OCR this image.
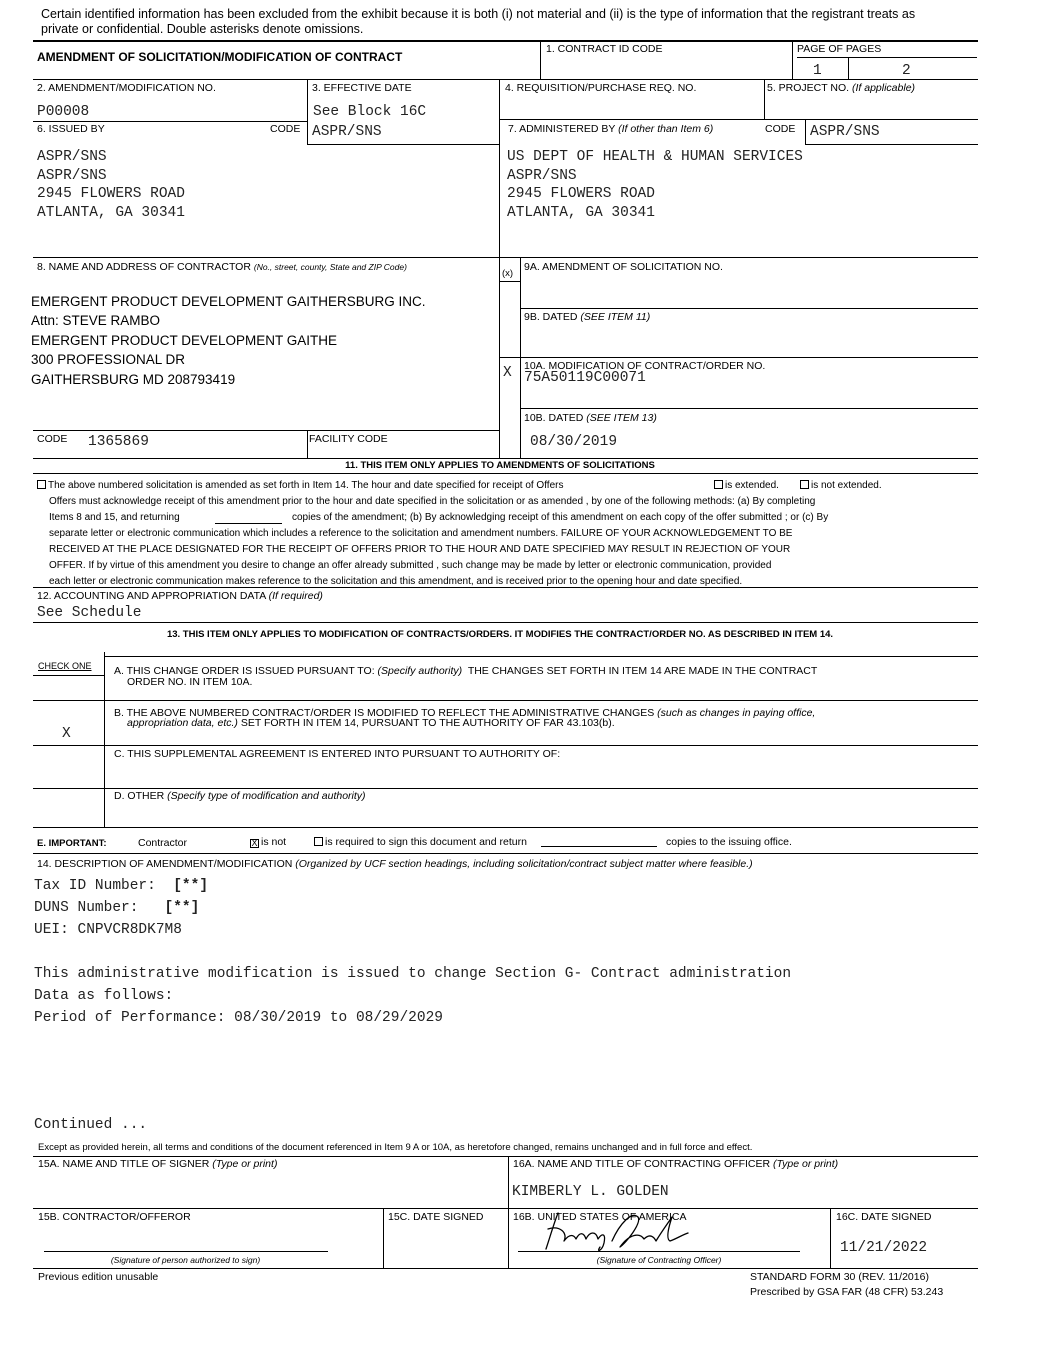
Certain identified information has been excluded from the exhibit because it is both (i) not material and (ii) is the type of information that the registrant treats as
private or confidential. Double asterisks denote omissions.
AMENDMENT OF SOLICITATION/MODIFICATION OF CONTRACT
1. CONTRACT ID CODE	PAGE OF PAGES
1	2
2. AMENDMENT/MODIFICATION NO.
P00008
3. EFFECTIVE DATE
See Block 16C
4. REQUISITION/PURCHASE REQ. NO.	5. PROJECT NO. (If applicable)
6. ISSUED BY	CODE ASPR/SNS
ASPR/SNS
ASPR/SNS
2945 FLOWERS ROAD
ATLANTA, GA 30341
7. ADMINISTERED BY (If other than Item 6)	CODE ASPR/SNS
US DEPT OF HEALTH & HUMAN SERVICES
ASPR/SNS
2945 FLOWERS ROAD
ATLANTA, GA 30341
8. NAME AND ADDRESS OF CONTRACTOR (No., street, county, State and ZIP Code)
EMERGENT PRODUCT DEVELOPMENT GAITHERSBURG INC.
Attn: STEVE RAMBO
EMERGENT PRODUCT DEVELOPMENT GAITHE
300 PROFESSIONAL DR
GAITHERSBURG MD 208793419
CODE 1365869	FACILITY CODE
(x)
9A. AMENDMENT OF SOLICITATION NO.
9B. DATED (SEE ITEM 11)
X 10A. MODIFICATION OF CONTRACT/ORDER NO.
75A50119C00071
10B. DATED (SEE ITEM 13)
08/30/2019
11. THIS ITEM ONLY APPLIES TO AMENDMENTS OF SOLICITATIONS
The above numbered solicitation is amended as set forth in Item 14. The hour and date specified for receipt of Offers	is extended.	is not extended.
Offers must acknowledge receipt of this amendment prior to the hour and date specified in the solicitation or as amended , by one of the following methods: (a) By completing
Items 8 and 15, and returning	copies of the amendment; (b) By acknowledging receipt of this amendment on each copy of the offer submitted ; or (c) By
separate letter or electronic communication which includes a reference to the solicitation and amendment numbers. FAILURE OF YOUR ACKNOWLEDGEMENT TO BE
RECEIVED AT THE PLACE DESIGNATED FOR THE RECEIPT OF OFFERS PRIOR TO THE HOUR AND DATE SPECIFIED MAY RESULT IN REJECTION OF YOUR
OFFER. If by virtue of this amendment you desire to change an offer already submitted , such change may be made by letter or electronic communication, provided
each letter or electronic communication makes reference to the solicitation and this amendment, and is received prior to the opening hour and date specified.
12. ACCOUNTING AND APPROPRIATION DATA (If required)
See Schedule
13. THIS ITEM ONLY APPLIES TO MODIFICATION OF CONTRACTS/ORDERS. IT MODIFIES THE CONTRACT/ORDER NO. AS DESCRIBED IN ITEM 14.
CHECK ONE A. THIS CHANGE ORDER IS ISSUED PURSUANT TO: (Specify authority) THE CHANGES SET FORTH IN ITEM 14 ARE MADE IN THE CONTRACT
ORDER NO. IN ITEM 10A.
B. THE ABOVE NUMBERED CONTRACT/ORDER IS MODIFIED TO REFLECT THE ADMINISTRATIVE CHANGES (such as changes in paying office,
appropriation data, etc.) SET FORTH IN ITEM 14, PURSUANT TO THE AUTHORITY OF FAR 43.103(b).
X
C. THIS SUPPLEMENTAL AGREEMENT IS ENTERED INTO PURSUANT TO AUTHORITY OF:
D. OTHER (Specify type of modification and authority)
E. IMPORTANT:	Contractor	X is not	is required to sign this document and return	copies to the issuing office.
14. DESCRIPTION OF AMENDMENT/MODIFICATION (Organized by UCF section headings, including solicitation/contract subject matter where feasible.)
Tax ID Number: [**]
DUNS Number: [**]
UEI: CNPVCR8DK7M8

This administrative modification is issued to change Section G- Contract administration
Data as follows:
Period of Performance: 08/30/2019 to 08/29/2029
Continued ...
Except as provided herein, all terms and conditions of the document referenced in Item 9 A or 10A, as heretofore changed, remains unchanged and in full force and effect.
15A. NAME AND TITLE OF SIGNER (Type or print)	16A. NAME AND TITLE OF CONTRACTING OFFICER (Type or print)
KIMBERLY L. GOLDEN
15B. CONTRACTOR/OFFEROR	15C. DATE SIGNED	16B. UNITED STATES OF AMERICA	16C. DATE SIGNED
11/21/2022
(Signature of person authorized to sign)	(Signature of Contracting Officer)
Previous edition unusable	STANDARD FORM 30 (REV. 11/2016)
Prescribed by GSA FAR (48 CFR) 53.243
